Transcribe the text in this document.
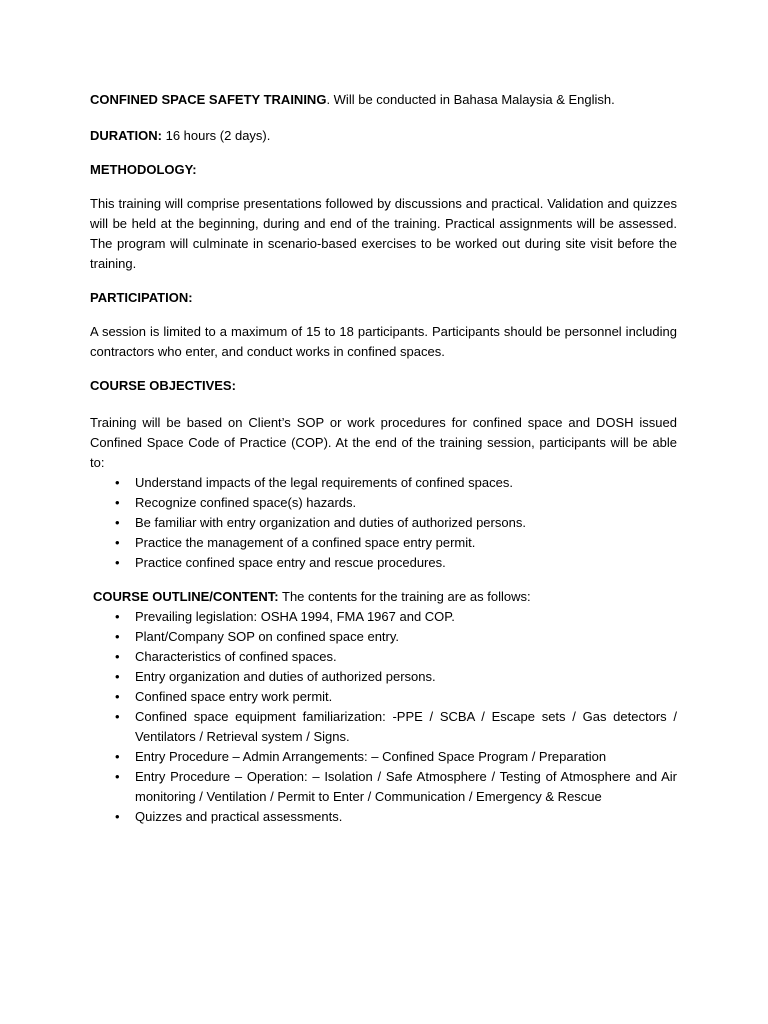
CONFINED SPACE SAFETY TRAINING. Will be conducted in Bahasa Malaysia & English.

DURATION: 16 hours (2 days).

METHODOLOGY:

This training will comprise presentations followed by discussions and practical. Validation and quizzes will be held at the beginning, during and end of the training. Practical assignments will be assessed. The program will culminate in scenario-based exercises to be worked out during site visit before the training.

PARTICIPATION:

A session is limited to a maximum of 15 to 18 participants. Participants should be personnel including contractors who enter, and conduct works in confined spaces.

COURSE OBJECTIVES:

Training will be based on Client’s SOP or work procedures for confined space and DOSH issued Confined Space Code of Practice (COP). At the end of the training session, participants will be able to:

• Understand impacts of the legal requirements of confined spaces.
• Recognize confined space(s) hazards.
• Be familiar with entry organization and duties of authorized persons.
• Practice the management of a confined space entry permit.
• Practice confined space entry and rescue procedures.

COURSE OUTLINE/CONTENT: The contents for the training are as follows:

• Prevailing legislation: OSHA 1994, FMA 1967 and COP.
• Plant/Company SOP on confined space entry.
• Characteristics of confined spaces.
• Entry organization and duties of authorized persons.
• Confined space entry work permit.
• Confined space equipment familiarization: -PPE / SCBA / Escape sets / Gas detectors / Ventilators / Retrieval system / Signs.
• Entry Procedure – Admin Arrangements: – Confined Space Program / Preparation
• Entry Procedure – Operation: – Isolation / Safe Atmosphere / Testing of Atmosphere and Air monitoring / Ventilation / Permit to Enter / Communication / Emergency & Rescue
• Quizzes and practical assessments.
